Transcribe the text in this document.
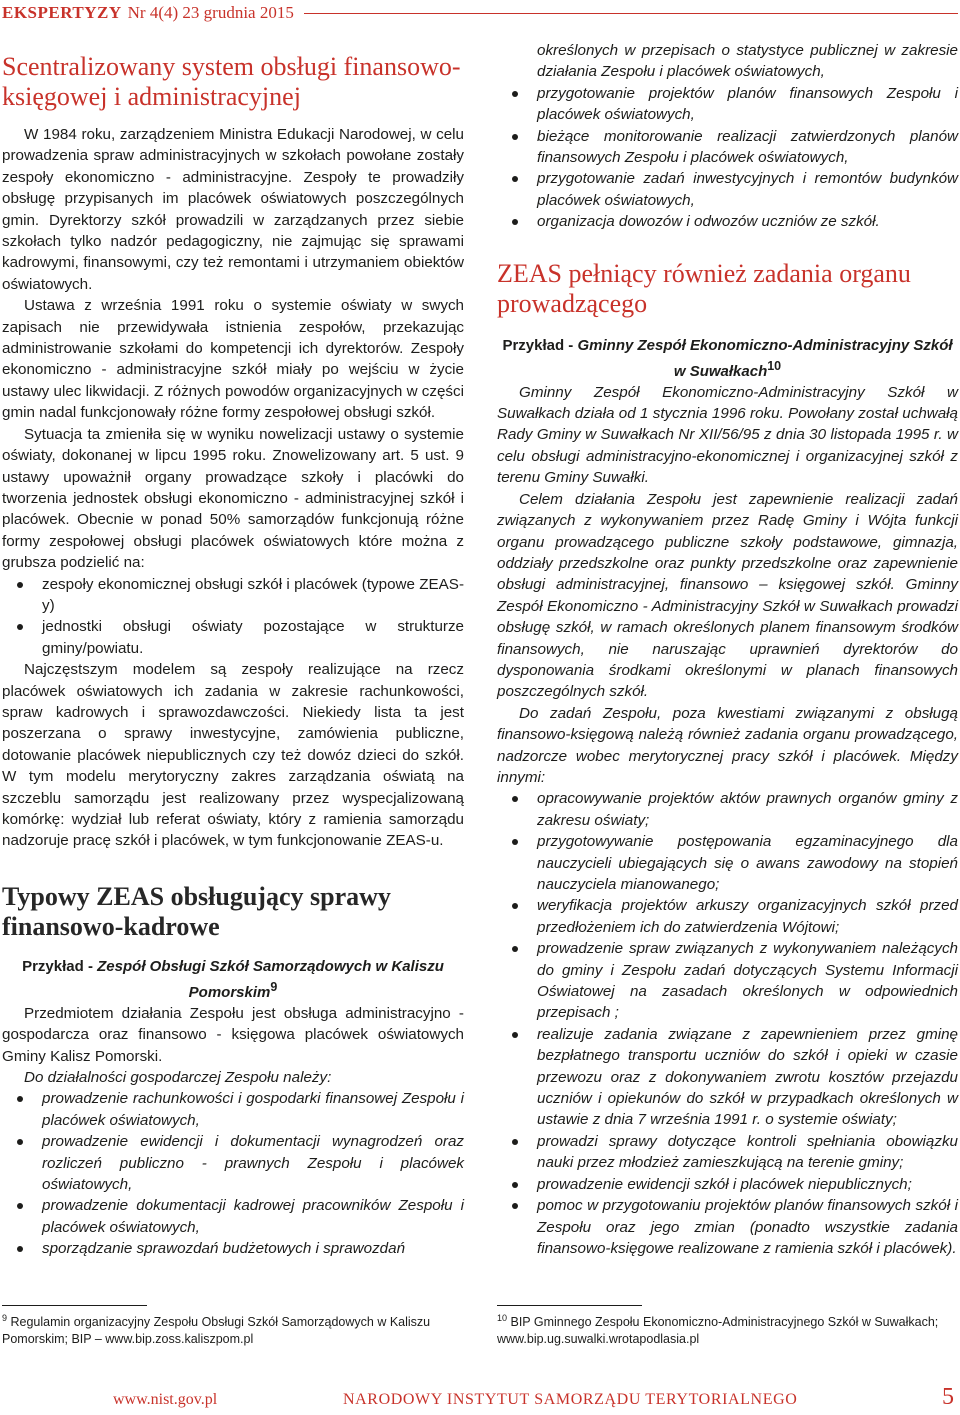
EKSPERTYZY Nr 4(4) 23 grudnia 2015
Scentralizowany system obsługi finansowo-księgowej i administracyjnej

W 1984 roku, zarządzeniem Ministra Edukacji Narodowej, w celu prowadzenia spraw administracyjnych w szkołach powołane zostały zespoły ekonomiczno - administracyjne. Zespoły te prowadziły obsługę przypisanych im placówek oświatowych poszczególnych gmin. Dyrektorzy szkół prowadzili w zarządzanych przez siebie szkołach tylko nadzór pedagogiczny, nie zajmując się sprawami kadrowymi, finansowymi, czy też remontami i utrzymaniem obiektów oświatowych.

Ustawa z września 1991 roku o systemie oświaty w swych zapisach nie przewidywała istnienia zespołów, przekazując administrowanie szkołami do kompetencji ich dyrektorów. Zespoły ekonomiczno - administracyjne szkół miały po wejściu w życie ustawy ulec likwidacji. Z różnych powodów organizacyjnych w części gmin nadal funkcjonowały różne formy zespołowej obsługi szkół.

Sytuacja ta zmieniła się w wyniku nowelizacji ustawy o systemie oświaty, dokonanej w lipcu 1995 roku. Znowelizowany art. 5 ust. 9 ustawy upoważnił organy prowadzące szkoły i placówki do tworzenia jednostek obsługi ekonomiczno - administracyjnej szkół i placówek. Obecnie w ponad 50% samorządów funkcjonują różne formy zespołowej obsługi placówek oświatowych które można z grubsza podzielić na:

zespoły ekonomicznej obsługi szkół i placówek (typowe ZEAS-y)
jednostki obsługi oświaty pozostające w strukturze gminy/powiatu.

Najczęstszym modelem są zespoły realizujące na rzecz placówek oświatowych ich zadania w zakresie rachunkowości, spraw kadrowych i sprawozdawczości. Niekiedy lista ta jest poszerzana o sprawy inwestycyjne, zamówienia publiczne, dotowanie placówek niepublicznych czy też dowóz dzieci do szkół. W tym modelu merytoryczny zakres zarządzania oświatą na szczeblu samorządu jest realizowany przez wyspecjalizowaną komórkę: wydział lub referat oświaty, który z ramienia samorządu nadzoruje pracę szkół i placówek, w tym funkcjonowanie ZEAS-u.

Typowy ZEAS obsługujący sprawy finansowo-kadrowe

Przykład - Zespół Obsługi Szkół Samorządowych w Kaliszu Pomorskim$^9$

Przedmiotem działania Zespołu jest obsługa administracyjno - gospodarcza oraz finansowo - księgowa placówek oświatowych Gminy Kalisz Pomorski.

Do działalności gospodarczej Zespołu należy:

prowadzenie rachunkowości i gospodarki finansowej Zespołu i placówek oświatowych,
prowadzenie ewidencji i dokumentacji wynagrodzeń oraz rozliczeń publiczno - prawnych Zespołu i placówek oświatowych,
prowadzenie dokumentacji kadrowej pracowników Zespołu i placówek oświatowych,
sporządzanie sprawozdań budżetowych i sprawozdań

określonych w przepisach o statystyce publicznej w zakresie działania Zespołu i placówek oświatowych,

przygotowanie projektów planów finansowych Zespołu i placówek oświatowych,
bieżące monitorowanie realizacji zatwierdzonych planów finansowych Zespołu i placówek oświatowych,
przygotowanie zadań inwestycyjnych i remontów budynków placówek oświatowych,
organizacja dowozów i odwozów uczniów ze szkół.
ZEAS pełniący również zadania organu prowadzącego

Przykład - Gminny Zespół Ekonomiczno-Administracyjny Szkół w Suwałkach$^{10}$

Gminny Zespół Ekonomiczno-Administracyjny Szkół w Suwałkach działa od 1 stycznia 1996 roku. Powołany został uchwałą Rady Gminy w Suwałkach Nr XII/56/95 z dnia 30 listopada 1995 r. w celu obsługi administracyjno-ekonomicznej i organizacyjnej szkół z terenu Gminy Suwałki.

Celem działania Zespołu jest zapewnienie realizacji zadań związanych z wykonywaniem przez Radę Gminy i Wójta funkcji organu prowadzącego publiczne szkoły podstawowe, gimnazja, oddziały przedszkolne oraz punkty przedszkolne oraz zapewnienie obsługi administracyjnej, finansowo – księgowej szkół. Gminny Zespół Ekonomiczno - Administracyjny Szkół w Suwałkach prowadzi obsługę szkół, w ramach określonych planem finansowym środków finansowych, nie naruszając uprawnień dyrektorów do dysponowania środkami określonymi w planach finansowych poszczególnych szkół.

Do zadań Zespołu, poza kwestiami związanymi z obsługą finansowo-księgową należą również zadania organu prowadzącego, nadzorcze wobec merytorycznej pracy szkół i placówek. Między innymi:

opracowywanie projektów aktów prawnych organów gminy z zakresu oświaty;
przygotowywanie postępowania egzaminacyjnego dla nauczycieli ubiegających się o awans zawodowy na stopień nauczyciela mianowanego;
weryfikacja projektów arkuszy organizacyjnych szkół przed przedłożeniem ich do zatwierdzenia Wójtowi;
prowadzenie spraw związanych z wykonywaniem należących do gminy i Zespołu zadań dotyczących Systemu Informacji Oświatowej na zasadach określonych w odpowiednich przepisach ;
realizuje zadania związane z zapewnieniem przez gminę bezpłatnego transportu uczniów do szkół i opieki w czasie przewozu oraz z dokonywaniem zwrotu kosztów przejazdu uczniów i opiekunów do szkół w przypadkach określonych w ustawie z dnia 7 września 1991 r. o systemie oświaty;
prowadzi sprawy dotyczące kontroli spełniania obowiązku nauki przez młodzież zamieszkującą na terenie gminy;
prowadzenie ewidencji szkół i placówek niepublicznych;
pomoc w przygotowaniu projektów planów finansowych szkół i Zespołu oraz jego zmian (ponadto wszystkie zadania finansowo-księgowe realizowane z ramienia szkół i placówek).
$^9$ Regulamin organizacyjny Zespołu Obsługi Szkół Samorządowych w Kaliszu Pomorskim; BIP – www.bip.zoss.kaliszpom.pl
$^{10}$ BIP Gminnego Zespołu Ekonomiczno-Administracyjnego Szkół w Suwałkach; www.bip.ug.suwalki.wrotapodlasia.pl
www.nist.gov.pl	NARODOWY INSTYTUT SAMORZĄDU TERYTORIALNEGO	5
